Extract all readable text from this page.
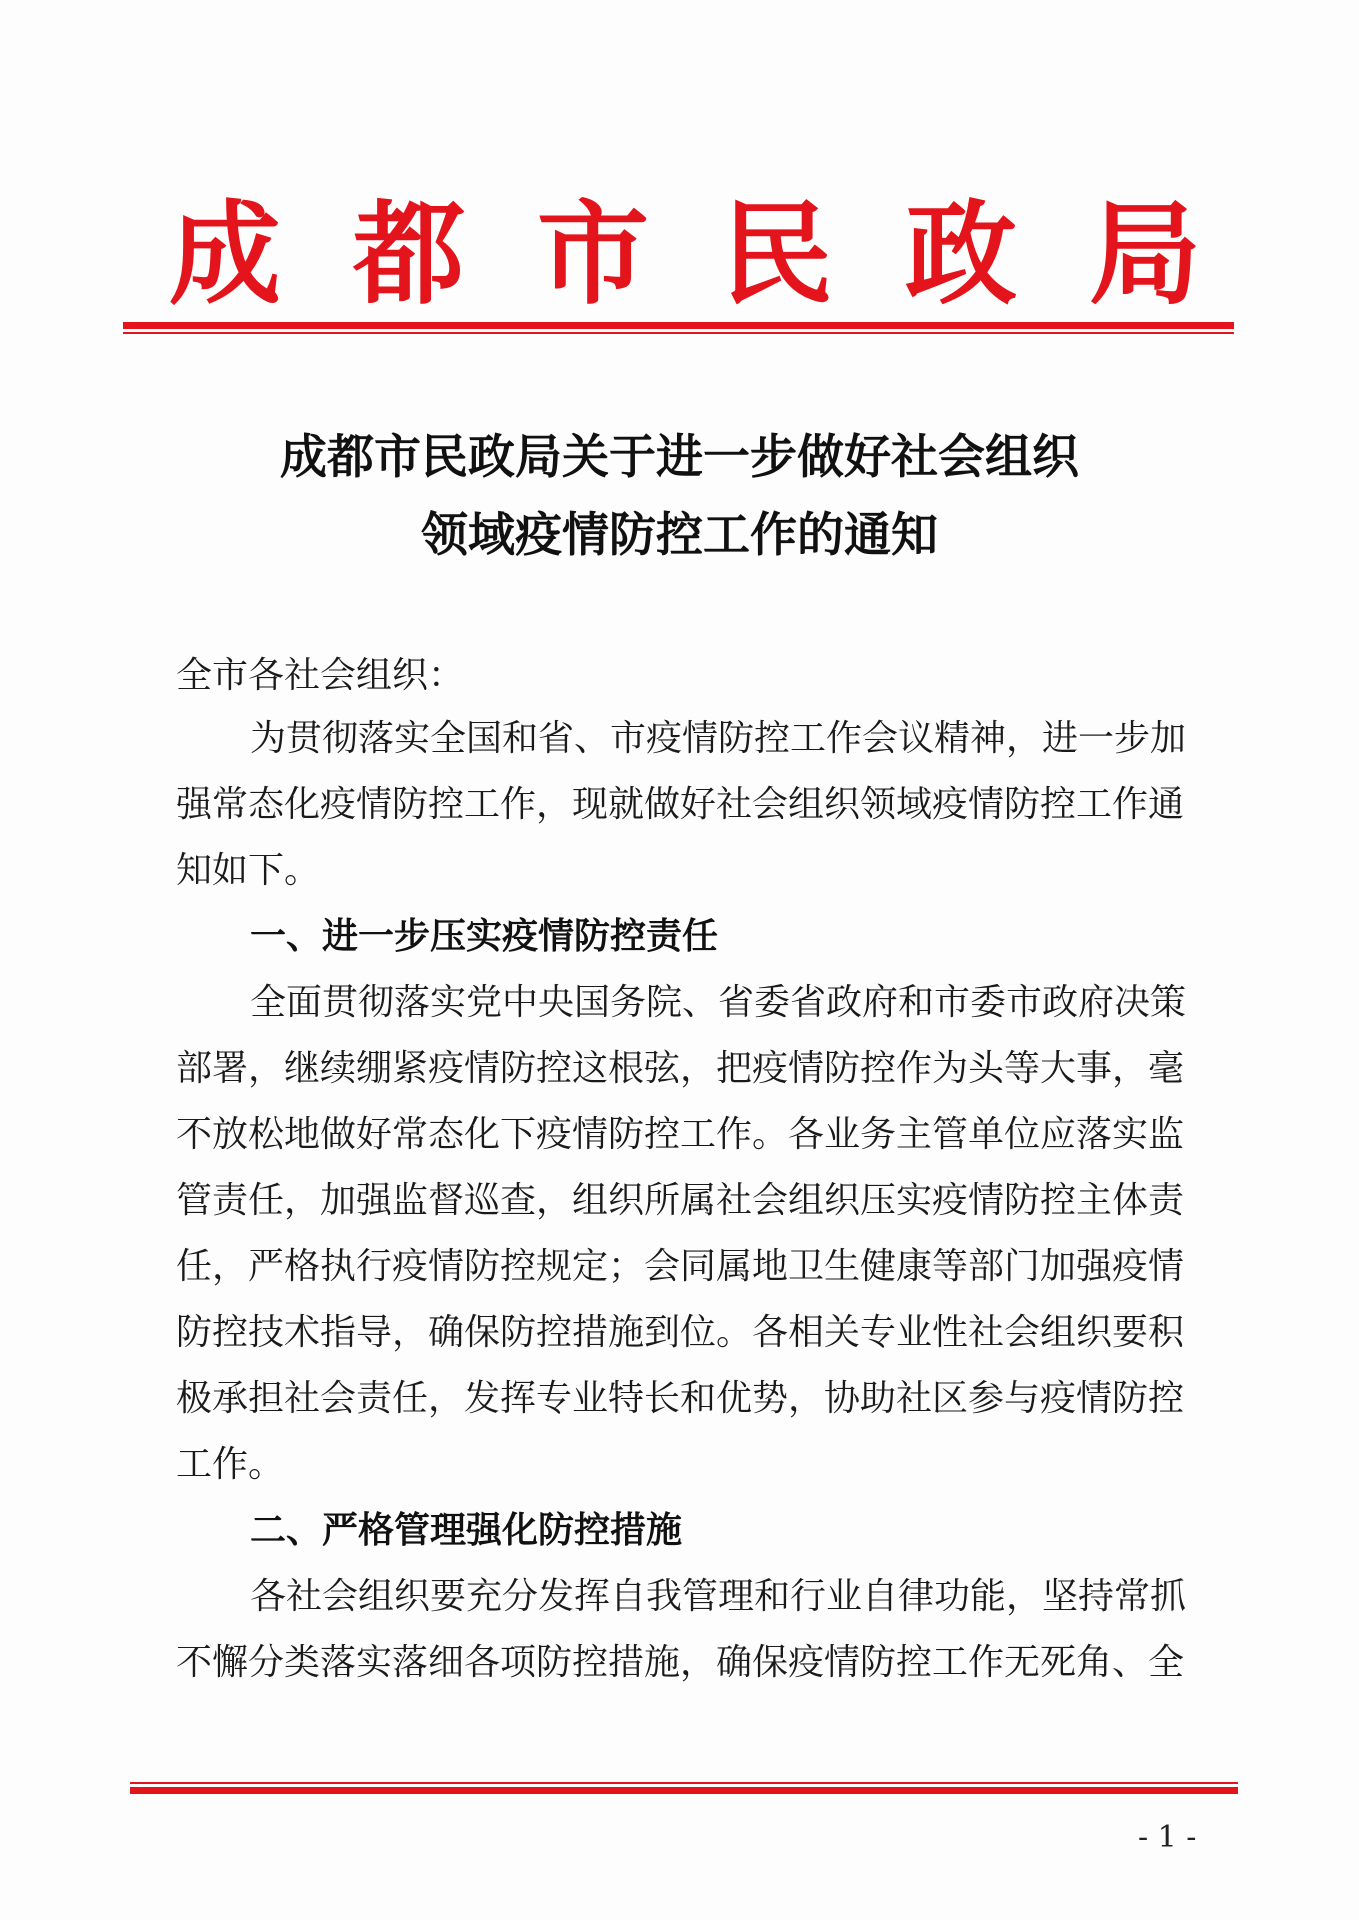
成 都 市 民 政 局
成都市民政局关于进一步做好社会组织
领域疫情防控工作的通知
全市各社会组织：
为贯彻落实全国和省、市疫情防控工作会议精神，进一步加
强常态化疫情防控工作，现就做好社会组织领域疫情防控工作通
知如下。
一、进一步压实疫情防控责任
全面贯彻落实党中央国务院、省委省政府和市委市政府决策
部署，继续绷紧疫情防控这根弦，把疫情防控作为头等大事，毫
不放松地做好常态化下疫情防控工作。各业务主管单位应落实监
管责任，加强监督巡查，组织所属社会组织压实疫情防控主体责
任，严格执行疫情防控规定；会同属地卫生健康等部门加强疫情
防控技术指导，确保防控措施到位。各相关专业性社会组织要积
极承担社会责任，发挥专业特长和优势，协助社区参与疫情防控
工作。
二、严格管理强化防控措施
各社会组织要充分发挥自我管理和行业自律功能，坚持常抓
不懈分类落实落细各项防控措施，确保疫情防控工作无死角、全
- 1 -
